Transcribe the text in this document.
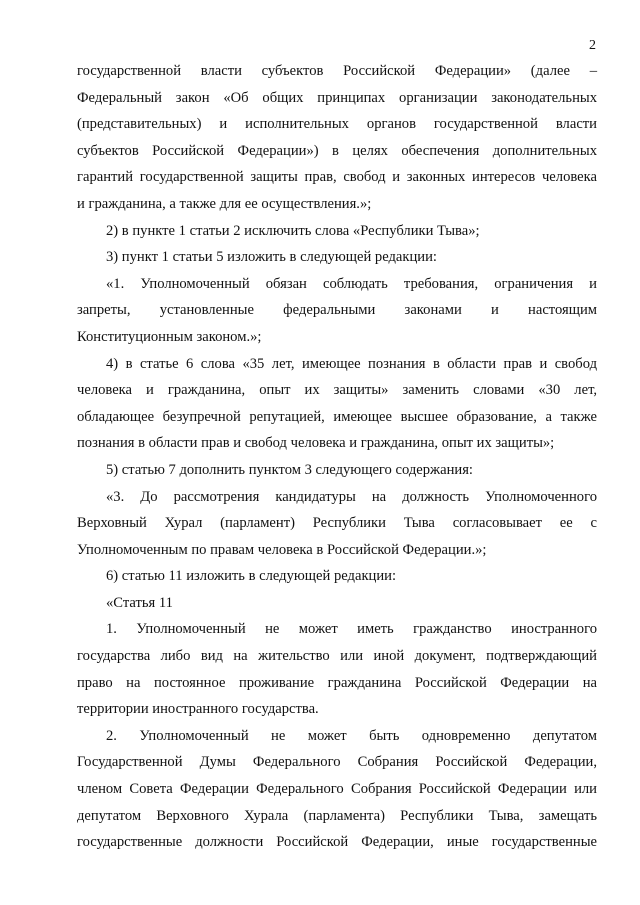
2
государственной власти субъектов Российской Федерации» (далее –
Федеральный закон «Об общих принципах организации законодательных
(представительных) и исполнительных органов государственной власти
субъектов Российской Федерации») в целях обеспечения дополнительных
гарантий государственной защиты прав, свобод и законных интересов человека
и гражданина, а также для ее осуществления.»;
2) в пункте 1 статьи 2 исключить слова «Республики Тыва»;
3) пункт 1 статьи 5 изложить в следующей редакции:
«1. Уполномоченный обязан соблюдать требования, ограничения и
запреты, установленные федеральными законами и настоящим
Конституционным законом.»;
4) в статье 6 слова «35 лет, имеющее познания в области прав и свобод
человека и гражданина, опыт их защиты» заменить словами «30 лет,
обладающее безупречной репутацией, имеющее высшее образование, а также
познания в области прав и свобод человека и гражданина, опыт их защиты»;
5) статью 7 дополнить пунктом 3 следующего содержания:
«3. До рассмотрения кандидатуры на должность Уполномоченного
Верховный Хурал (парламент) Республики Тыва согласовывает ее с
Уполномоченным по правам человека в Российской Федерации.»;
6) статью 11 изложить в следующей редакции:
«Статья 11
1. Уполномоченный не может иметь гражданство иностранного
государства либо вид на жительство или иной документ, подтверждающий
право на постоянное проживание гражданина Российской Федерации на
территории иностранного государства.
2. Уполномоченный не может быть одновременно депутатом
Государственной Думы Федерального Собрания Российской Федерации,
членом Совета Федерации Федерального Собрания Российской Федерации или
депутатом Верховного Хурала (парламента) Республики Тыва, замещать
государственные должности Российской Федерации, иные государственные
